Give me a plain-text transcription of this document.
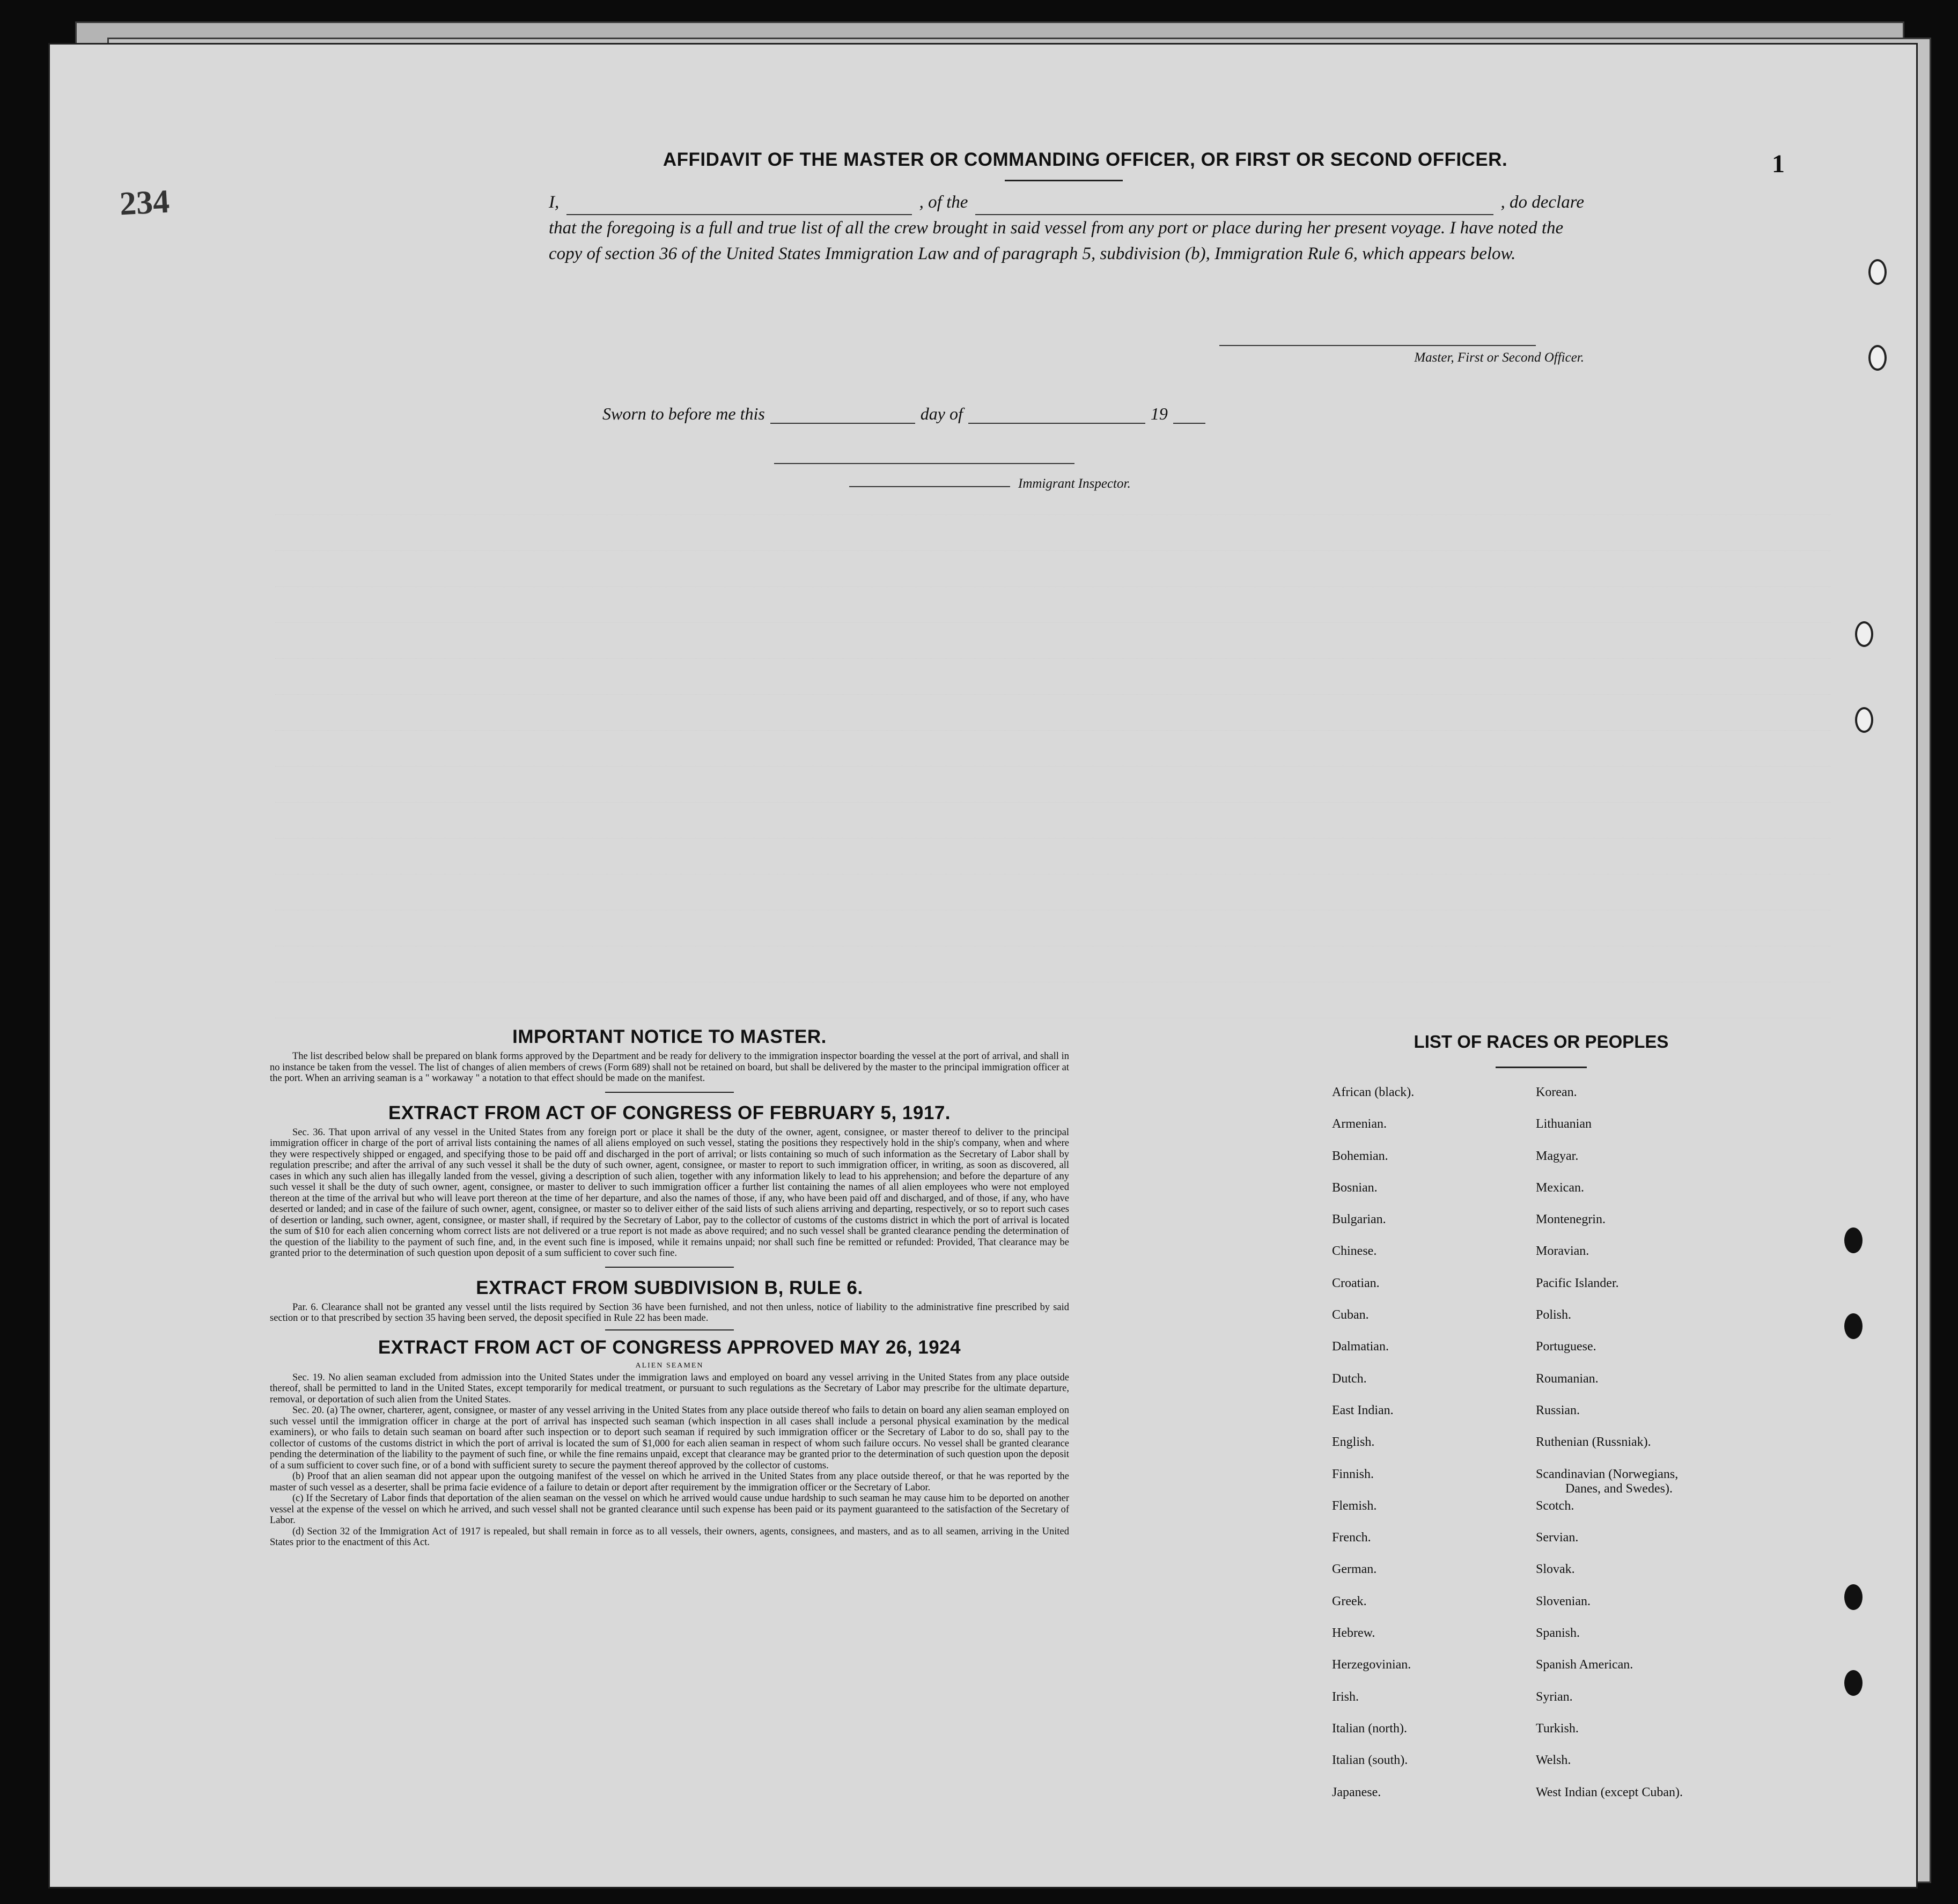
234
1
AFFIDAVIT OF THE MASTER OR COMMANDING OFFICER, OR FIRST OR SECOND OFFICER.
I,	, of the	, do declare
that the foregoing is a full and true list of all the crew brought in said vessel from any port or place during her present voyage. I have noted the copy of section 36 of the United States Immigration Law and of paragraph 5, subdivision (b), Immigration Rule 6, which appears below.
Master, First or Second Officer.
Sworn to before me this	day of	19
Immigrant Inspector.
IMPORTANT NOTICE TO MASTER.
The list described below shall be prepared on blank forms approved by the Department and be ready for delivery to the immigration inspector boarding the vessel at the port of arrival, and shall in no instance be taken from the vessel. The list of changes of alien members of crews (Form 689) shall not be retained on board, but shall be delivered by the master to the principal immigration officer at the port. When an arriving seaman is a " workaway " a notation to that effect should be made on the manifest.
EXTRACT FROM ACT OF CONGRESS OF FEBRUARY 5, 1917.
Sec. 36. That upon arrival of any vessel in the United States from any foreign port or place it shall be the duty of the owner, agent, consignee, or master thereof to deliver to the principal immigration officer in charge of the port of arrival lists containing the names of all aliens employed on such vessel, stating the positions they respectively hold in the ship's company, when and where they were respectively shipped or engaged, and specifying those to be paid off and discharged in the port of arrival; or lists containing so much of such information as the Secretary of Labor shall by regulation prescribe; and after the arrival of any such vessel it shall be the duty of such owner, agent, consignee, or master to report to such immigration officer, in writing, as soon as discovered, all cases in which any such alien has illegally landed from the vessel, giving a description of such alien, together with any information likely to lead to his apprehension; and before the departure of any such vessel it shall be the duty of such owner, agent, consignee, or master to deliver to such immigration officer a further list containing the names of all alien employees who were not employed thereon at the time of the arrival but who will leave port thereon at the time of her departure, and also the names of those, if any, who have been paid off and discharged, and of those, if any, who have deserted or landed; and in case of the failure of such owner, agent, consignee, or master so to deliver either of the said lists of such aliens arriving and departing, respectively, or so to report such cases of desertion or landing, such owner, agent, consignee, or master shall, if required by the Secretary of Labor, pay to the collector of customs of the customs district in which the port of arrival is located the sum of $10 for each alien concerning whom correct lists are not delivered or a true report is not made as above required; and no such vessel shall be granted clearance pending the determination of the question of the liability to the payment of such fine, and, in the event such fine is imposed, while it remains unpaid; nor shall such fine be remitted or refunded: Provided, That clearance may be granted prior to the determination of such question upon deposit of a sum sufficient to cover such fine.
EXTRACT FROM SUBDIVISION B, RULE 6.
Par. 6. Clearance shall not be granted any vessel until the lists required by Section 36 have been furnished, and not then unless, notice of liability to the administrative fine prescribed by said section or to that prescribed by section 35 having been served, the deposit specified in Rule 22 has been made.
EXTRACT FROM ACT OF CONGRESS APPROVED MAY 26, 1924
ALIEN SEAMEN
Sec. 19. No alien seaman excluded from admission into the United States under the immigration laws and employed on board any vessel arriving in the United States from any place outside thereof, shall be permitted to land in the United States, except temporarily for medical treatment, or pursuant to such regulations as the Secretary of Labor may prescribe for the ultimate departure, removal, or deportation of such alien from the United States.
Sec. 20. (a) The owner, charterer, agent, consignee, or master of any vessel arriving in the United States from any place outside thereof who fails to detain on board any alien seaman employed on such vessel until the immigration officer in charge at the port of arrival has inspected such seaman (which inspection in all cases shall include a personal physical examination by the medical examiners), or who fails to detain such seaman on board after such inspection or to deport such seaman if required by such immigration officer or the Secretary of Labor to do so, shall pay to the collector of customs of the customs district in which the port of arrival is located the sum of $1,000 for each alien seaman in respect of whom such failure occurs. No vessel shall be granted clearance pending the determination of the liability to the payment of such fine, or while the fine remains unpaid, except that clearance may be granted prior to the determination of such question upon the deposit of a sum sufficient to cover such fine, or of a bond with sufficient surety to secure the payment thereof approved by the collector of customs.
(b) Proof that an alien seaman did not appear upon the outgoing manifest of the vessel on which he arrived in the United States from any place outside thereof, or that he was reported by the master of such vessel as a deserter, shall be prima facie evidence of a failure to detain or deport after requirement by the immigration officer or the Secretary of Labor.
(c) If the Secretary of Labor finds that deportation of the alien seaman on the vessel on which he arrived would cause undue hardship to such seaman he may cause him to be deported on another vessel at the expense of the vessel on which he arrived, and such vessel shall not be granted clearance until such expense has been paid or its payment guaranteed to the satisfaction of the Secretary of Labor.
(d) Section 32 of the Immigration Act of 1917 is repealed, but shall remain in force as to all vessels, their owners, agents, consignees, and masters, and as to all seamen, arriving in the United States prior to the enactment of this Act.
LIST OF RACES OR PEOPLES
African (black).	Korean.
Armenian.	Lithuanian
Bohemian.	Magyar.
Bosnian.	Mexican.
Bulgarian.	Montenegrin.
Chinese.	Moravian.
Croatian.	Pacific Islander.
Cuban.	Polish.
Dalmatian.	Portuguese.
Dutch.	Roumanian.
East Indian.	Russian.
English.	Ruthenian (Russniak).
Finnish.	Scandinavian (Norwegians,
Danes, and Swedes).
Flemish.	Scotch.
French.	Servian.
German.	Slovak.
Greek.	Slovenian.
Hebrew.	Spanish.
Herzegovinian.	Spanish American.
Irish.	Syrian.
Italian (north).	Turkish.
Italian (south).	Welsh.
Japanese.	West Indian (except Cuban).
